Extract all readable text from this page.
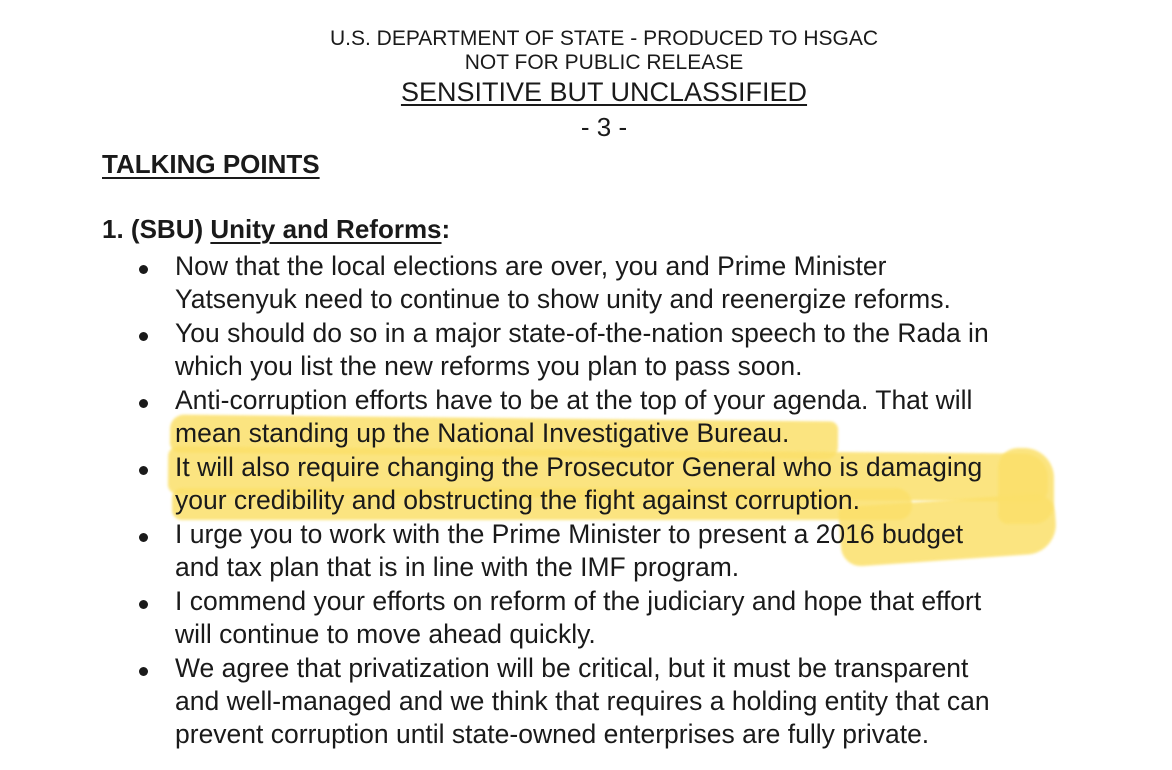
U.S. DEPARTMENT OF STATE - PRODUCED TO HSGAC
NOT FOR PUBLIC RELEASE
SENSITIVE BUT UNCLASSIFIED
- 3 -
TALKING POINTS
1. (SBU) Unity and Reforms:
Now that the local elections are over, you and Prime Minister
Yatsenyuk need to continue to show unity and reenergize reforms.
You should do so in a major state-of-the-nation speech to the Rada in
which you list the new reforms you plan to pass soon.
Anti-corruption efforts have to be at the top of your agenda. That will
mean standing up the National Investigative Bureau.
It will also require changing the Prosecutor General who is damaging
your credibility and obstructing the fight against corruption.
I urge you to work with the Prime Minister to present a 2016 budget
and tax plan that is in line with the IMF program.
I commend your efforts on reform of the judiciary and hope that effort
will continue to move ahead quickly.
We agree that privatization will be critical, but it must be transparent
and well-managed and we think that requires a holding entity that can
prevent corruption until state-owned enterprises are fully private.
